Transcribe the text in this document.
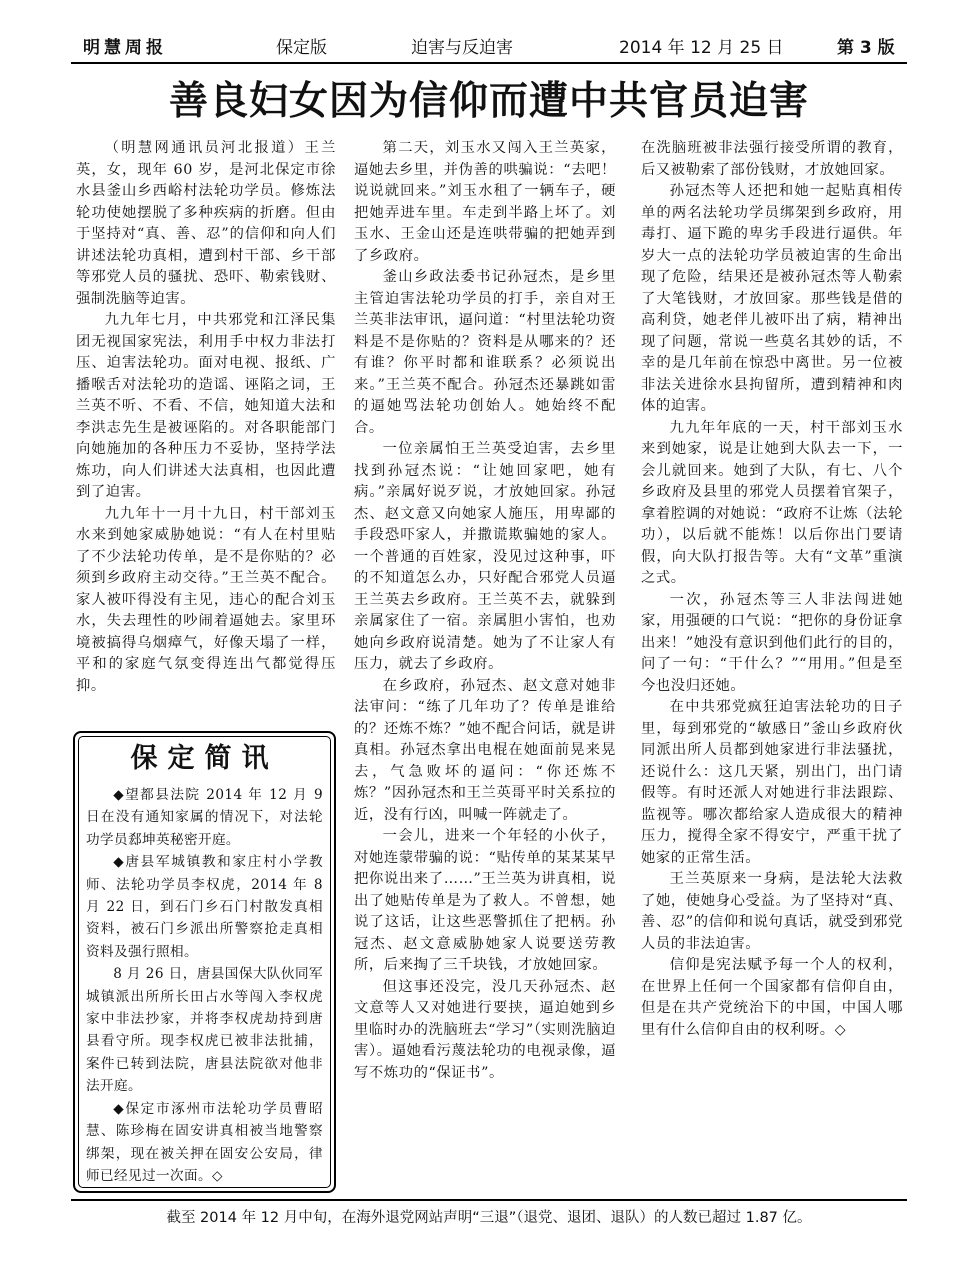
明慧周报	保定版	迫害与反迫害	2014 年 12 月 25 日	第 3 版
善良妇女因为信仰而遭中共官员迫害

（明慧网通讯员河北报道）王兰英，女，现年 60 岁，是河北保定市徐水县釜山乡西峪村法轮功学员。修炼法轮功使她摆脱了多种疾病的折磨。但由于坚持对“真、善、忍”的信仰和向人们讲述法轮功真相，遭到村干部、乡干部等邪党人员的骚扰、恐吓、勒索钱财、强制洗脑等迫害。

九九年七月，中共邪党和江泽民集团无视国家宪法，利用手中权力非法打压、迫害法轮功。面对电视、报纸、广播喉舌对法轮功的造谣、诬陷之词，王兰英不听、不看、不信，她知道大法和李洪志先生是被诬陷的。对各职能部门向她施加的各种压力不妥协，坚持学法炼功，向人们讲述大法真相，也因此遭到了迫害。

九九年十一月十九日，村干部刘玉水来到她家威胁她说：“有人在村里贴了不少法轮功传单，是不是你贴的？必须到乡政府主动交待。”王兰英不配合。家人被吓得没有主见，违心的配合刘玉水，失去理性的吵闹着逼她去。家里环境被搞得乌烟瘴气，好像天塌了一样，平和的家庭气氛变得连出气都觉得压抑。

第二天，刘玉水又闯入王兰英家，逼她去乡里，并伪善的哄骗说：“去吧！说说就回来。”刘玉水租了一辆车子，硬把她弄进车里。车走到半路上坏了。刘玉水、王金山还是连哄带骗的把她弄到了乡政府。

釜山乡政法委书记孙冠杰，是乡里主管迫害法轮功学员的打手，亲自对王兰英非法审讯，逼问道：“村里法轮功资料是不是你贴的？资料是从哪来的？还有谁？你平时都和谁联系？必须说出来。”王兰英不配合。孙冠杰还暴跳如雷的逼她骂法轮功创始人。她始终不配合。

一位亲属怕王兰英受迫害，去乡里找到孙冠杰说：“让她回家吧，她有病。”亲属好说歹说，才放她回家。孙冠杰、赵文意又向她家人施压，用卑鄙的手段恐吓家人，并撒谎欺骗她的家人。一个普通的百姓家，没见过这种事，吓的不知道怎么办，只好配合邪党人员逼王兰英去乡政府。王兰英不去，就躲到亲属家住了一宿。亲属胆小害怕，也劝她向乡政府说清楚。她为了不让家人有压力，就去了乡政府。

在乡政府，孙冠杰、赵文意对她非法审问：“练了几年功了？传单是谁给的？还炼不炼？”她不配合问话，就是讲真相。孙冠杰拿出电棍在她面前晃来晃去，气急败坏的逼问：“你还炼不炼？”因孙冠杰和王兰英哥平时关系拉的近，没有行凶，叫喊一阵就走了。

一会儿，进来一个年轻的小伙子，对她连蒙带骗的说：“贴传单的某某某早把你说出来了……”王兰英为讲真相，说出了她贴传单是为了救人。不曾想，她说了这话，让这些恶警抓住了把柄。孙冠杰、赵文意威胁她家人说要送劳教所，后来掏了三千块钱，才放她回家。

但这事还没完，没几天孙冠杰、赵文意等人又对她进行要挟，逼迫她到乡里临时办的洗脑班去“学习”（实则洗脑迫害）。逼她看污蔑法轮功的电视录像，逼写不炼功的“保证书”。

在洗脑班被非法强行接受所谓的教育，后又被勒索了部份钱财，才放她回家。

孙冠杰等人还把和她一起贴真相传单的两名法轮功学员绑架到乡政府，用毒打、逼下跪的卑劣手段进行逼供。年岁大一点的法轮功学员被迫害的生命出现了危险，结果还是被孙冠杰等人勒索了大笔钱财，才放回家。那些钱是借的高利贷，她老伴儿被吓出了病，精神出现了问题，常说一些莫名其妙的话，不幸的是几年前在惊恐中离世。另一位被非法关进徐水县拘留所，遭到精神和肉体的迫害。

九九年年底的一天，村干部刘玉水来到她家，说是让她到大队去一下，一会儿就回来。她到了大队，有七、八个乡政府及县里的邪党人员摆着官架子，拿着腔调的对她说：“政府不让炼（法轮功），以后就不能炼！以后你出门要请假，向大队打报告等。大有“文革”重演之式。

一次，孙冠杰等三人非法闯进她家，用强硬的口气说：“把你的身份证拿出来！”她没有意识到他们此行的目的，问了一句：“干什么？”“用用。”但是至今也没归还她。

在中共邪党疯狂迫害法轮功的日子里，每到邪党的“敏感日”釜山乡政府伙同派出所人员都到她家进行非法骚扰，还说什么：这几天紧，别出门，出门请假等。有时还派人对她进行非法跟踪、监视等。哪次都给家人造成很大的精神压力，搅得全家不得安宁，严重干扰了她家的正常生活。

王兰英原来一身病，是法轮大法救了她，使她身心受益。为了坚持对“真、善、忍”的信仰和说句真话，就受到邪党人员的非法迫害。

信仰是宪法赋予每一个人的权利，在世界上任何一个国家都有信仰自由，但是在共产党统治下的中国，中国人哪里有什么信仰自由的权利呀。◇

保定简讯

◆望都县法院 2014 年 12 月 9 日在没有通知家属的情况下，对法轮功学员郄坤英秘密开庭。

◆唐县军城镇教和家庄村小学教师、法轮功学员李权虎，2014 年 8 月 22 日，到石门乡石门村散发真相资料，被石门乡派出所警察抢走真相资料及强行照相。

8 月 26 日，唐县国保大队伙同军城镇派出所所长田占水等闯入李权虎家中非法抄家，并将李权虎劫持到唐县看守所。现李权虎已被非法批捕，案件已转到法院，唐县法院欲对他非法开庭。

◆保定市涿州市法轮功学员曹昭慧、陈珍梅在固安讲真相被当地警察绑架，现在被关押在固安公安局，律师已经见过一次面。◇

截至 2014 年 12 月中旬，在海外退党网站声明“三退”（退党、退团、退队）的人数已超过 1.87 亿。
